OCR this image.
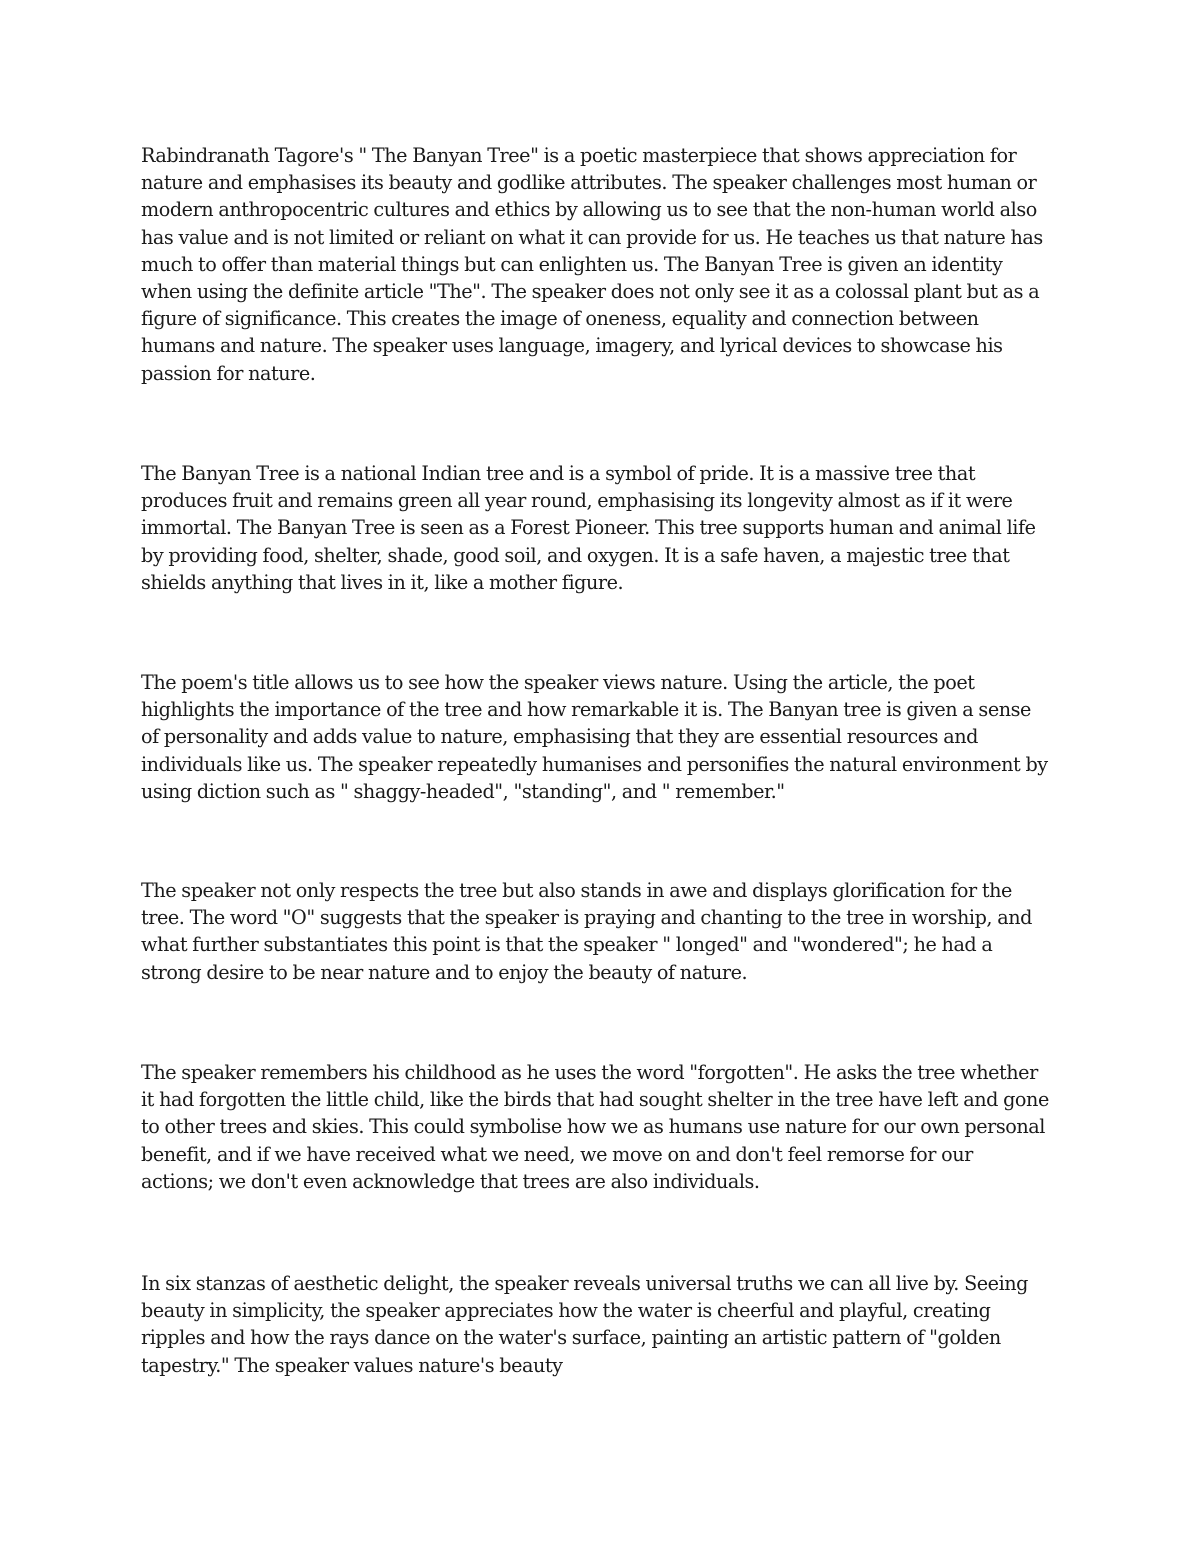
Rabindranath Tagore's " The Banyan Tree" is a poetic masterpiece that shows appreciation for
nature and emphasises its beauty and godlike attributes. The speaker challenges most human or
modern anthropocentric cultures and ethics by allowing us to see that the non-human world also
has value and is not limited or reliant on what it can provide for us. He teaches us that nature has
much to offer than material things but can enlighten us. The Banyan Tree is given an identity
when using the definite article "The". The speaker does not only see it as a colossal plant but as a
figure of significance. This creates the image of oneness, equality and connection between
humans and nature. The speaker uses language, imagery, and lyrical devices to showcase his
passion for nature.
The Banyan Tree is a national Indian tree and is a symbol of pride. It is a massive tree that
produces fruit and remains green all year round, emphasising its longevity almost as if it were
immortal. The Banyan Tree is seen as a Forest Pioneer. This tree supports human and animal life
by providing food, shelter, shade, good soil, and oxygen. It is a safe haven, a majestic tree that
shields anything that lives in it, like a mother figure.
The poem's title allows us to see how the speaker views nature. Using the article, the poet
highlights the importance of the tree and how remarkable it is. The Banyan tree is given a sense
of personality and adds value to nature, emphasising that they are essential resources and
individuals like us. The speaker repeatedly humanises and personifies the natural environment by
using diction such as " shaggy-headed", "standing", and " remember."
The speaker not only respects the tree but also stands in awe and displays glorification for the
tree. The word "O" suggests that the speaker is praying and chanting to the tree in worship, and
what further substantiates this point is that the speaker " longed" and "wondered"; he had a
strong desire to be near nature and to enjoy the beauty of nature.
The speaker remembers his childhood as he uses the word "forgotten". He asks the tree whether
it had forgotten the little child, like the birds that had sought shelter in the tree have left and gone
to other trees and skies. This could symbolise how we as humans use nature for our own personal
benefit, and if we have received what we need, we move on and don't feel remorse for our
actions; we don't even acknowledge that trees are also individuals.
In six stanzas of aesthetic delight, the speaker reveals universal truths we can all live by. Seeing
beauty in simplicity, the speaker appreciates how the water is cheerful and playful, creating
ripples and how the rays dance on the water's surface, painting an artistic pattern of "golden
tapestry." The speaker values nature's beauty
